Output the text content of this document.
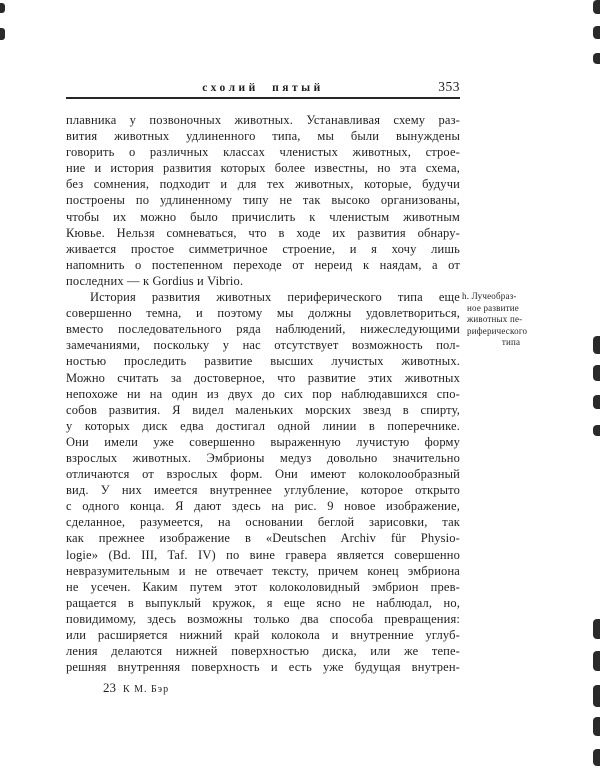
схолий пятый	353
плавника у позвоночных животных. Устанавливая схему раз-
вития животных удлиненного типа, мы были вынуждены
говорить о различных классах членистых животных, строе-
ние и история развития которых более известны, но эта схема,
без сомнения, подходит и для тех животных, которые, будучи
построены по удлиненному типу не так высоко организованы,
чтобы их можно было причислить к членистым животным
Кювье. Нельзя сомневаться, что в ходе их развития обнару-
живается простое симметричное строение, и я хочу лишь
напомнить о постепенном переходе от нереид к наядам, а от
последних — к Gordius и Vibrio.
История развития животных периферического типа еще
совершенно темна, и поэтому мы должны удовлетвориться,
вместо последовательного ряда наблюдений, нижеследующими
замечаниями, поскольку у нас отсутствует возможность пол-
ностью проследить развитие высших лучистых животных.
Можно считать за достоверное, что развитие этих животных
непохоже ни на один из двух до сих пор наблюдавшихся спо-
собов развития. Я видел маленьких морских звезд в спирту,
у которых диск едва достигал одной линии в поперечнике.
Они имели уже совершенно выраженную лучистую форму
взрослых животных. Эмбрионы медуз довольно значительно
отличаются от взрослых форм. Они имеют колоколообразный
вид. У них имеется внутреннее углубление, которое открыто
с одного конца. Я дают здесь на рис. 9 новое изображение,
сделанное, разумеется, на основании беглой зарисовки, так
как прежнее изображение в «Deutschen Archiv für Physio-
logie» (Bd. III, Taf. IV) по вине гравера является совершенно
невразумительным и не отвечает тексту, причем конец эмбриона
не усечен. Каким путем этот колоколовидный эмбрион прев-
ращается в выпуклый кружок, я еще ясно не наблюдал, но,
повидимому, здесь возможны только два способа превращения:
или расширяется нижний край колокола и внутренние углуб-
ления делаются нижней поверхностью диска, или же тепе-
решняя внутренняя поверхность и есть уже будущая внутрен-
h. Лучеобраз-
ное развитие
животных пе-
риферического
типа
23 К М. Бэр
